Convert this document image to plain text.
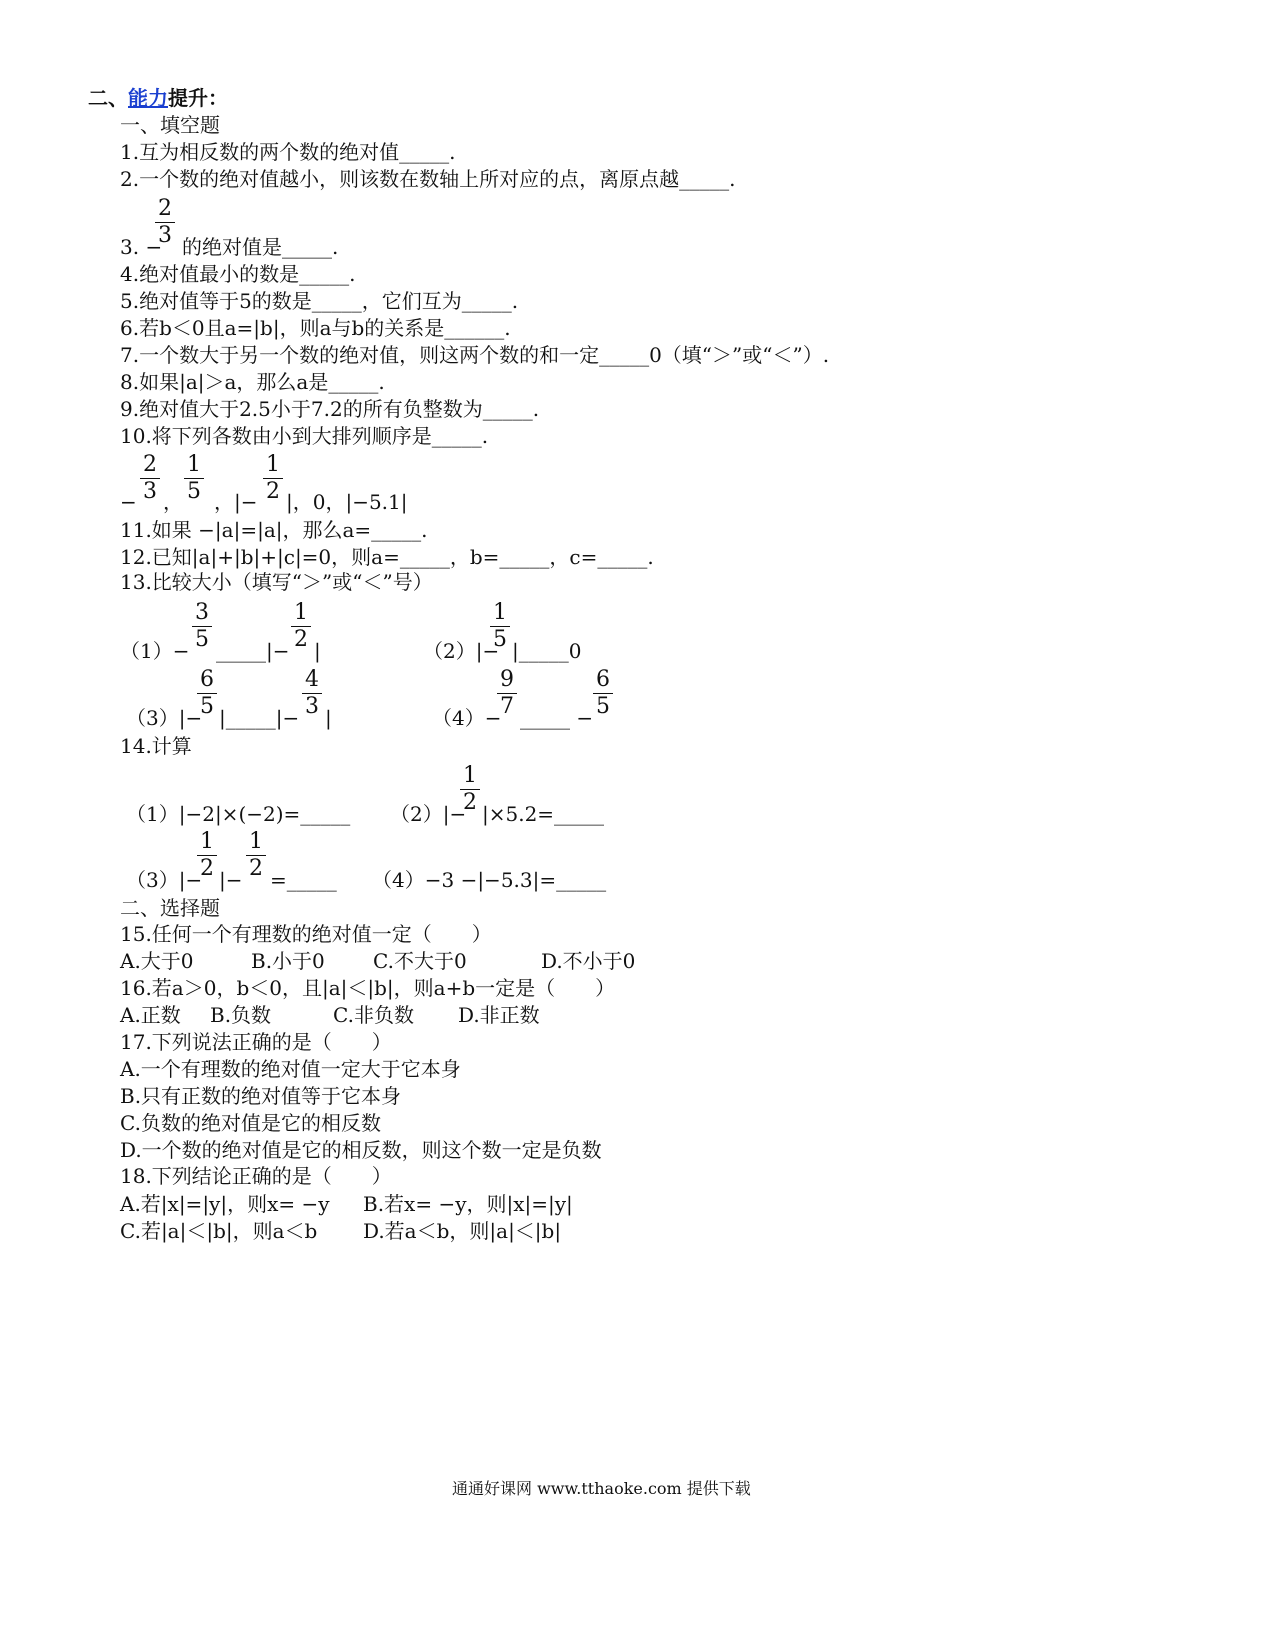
二、能力提升：
一、填空题
1.互为相反数的两个数的绝对值_____.
2.一个数的绝对值越小，则该数在数轴上所对应的点，离原点越_____.
3. −
$\frac{2}{3}$ 的绝对值是_____.
4.绝对值最小的数是_____.
5.绝对值等于5的数是_____，它们互为_____.
6.若b＜0且a=|b|，则a与b的关系是______.
7.一个数大于另一个数的绝对值，则这两个数的和一定_____0（填“＞”或“＜”）.
8.如果|a|＞a，那么a是_____.
9.绝对值大于2.5小于7.2的所有负整数为_____.
10.将下列各数由小到大排列顺序是_____.
− $\frac{2}{3}$ ， $\frac{1}{5}$ ，|− $\frac{1}{2}$ |，0，|−5.1|
11.如果 −|a|=|a|，那么a=_____.
12.已知|a|+|b|+|c|=0，则a=_____，b=_____，c=_____.
13.比较大小（填写“＞”或“＜”号）
$(1)- \frac{3}{5}$ _____|− $\frac{1}{2}$ |	（2）|−
$\frac{1}{5}$ |_____0
（3）|−
$\frac{6}{5}$ |_____|− $\frac{4}{3}$ |	（4）−
$\frac{9}{7}$ _____ − $\frac{6}{5}$
14.计算
（1）|−2|×(−2)=_____ （2）|−
$\frac{1}{2}$ |×5.2=_____
（3）|−
$\frac{1}{2}$ |− $\frac{1}{2}$ =_____ （4）−3 −|−5.3|=_____
二、选择题
15.任何一个有理数的绝对值一定（　　）
A.大于0	B.小于0 C.不大于0	D.不小于0
16.若a＞0，b＜0，且|a|＜|b|，则a+b一定是（　　）
A.正数 B.负数	C.非负数 D.非正数
17.下列说法正确的是（　　）
A.一个有理数的绝对值一定大于它本身
B.只有正数的绝对值等于它本身
C.负数的绝对值是它的相反数
D.一个数的绝对值是它的相反数，则这个数一定是负数
18.下列结论正确的是（　　）
A.若|x|=|y|，则x= −y B.若x= −y，则|x|=|y|
C.若|a|＜|b|，则a＜b D.若a＜b，则|a|＜|b|
通通好课网 www.tthaoke.com 提供下载
